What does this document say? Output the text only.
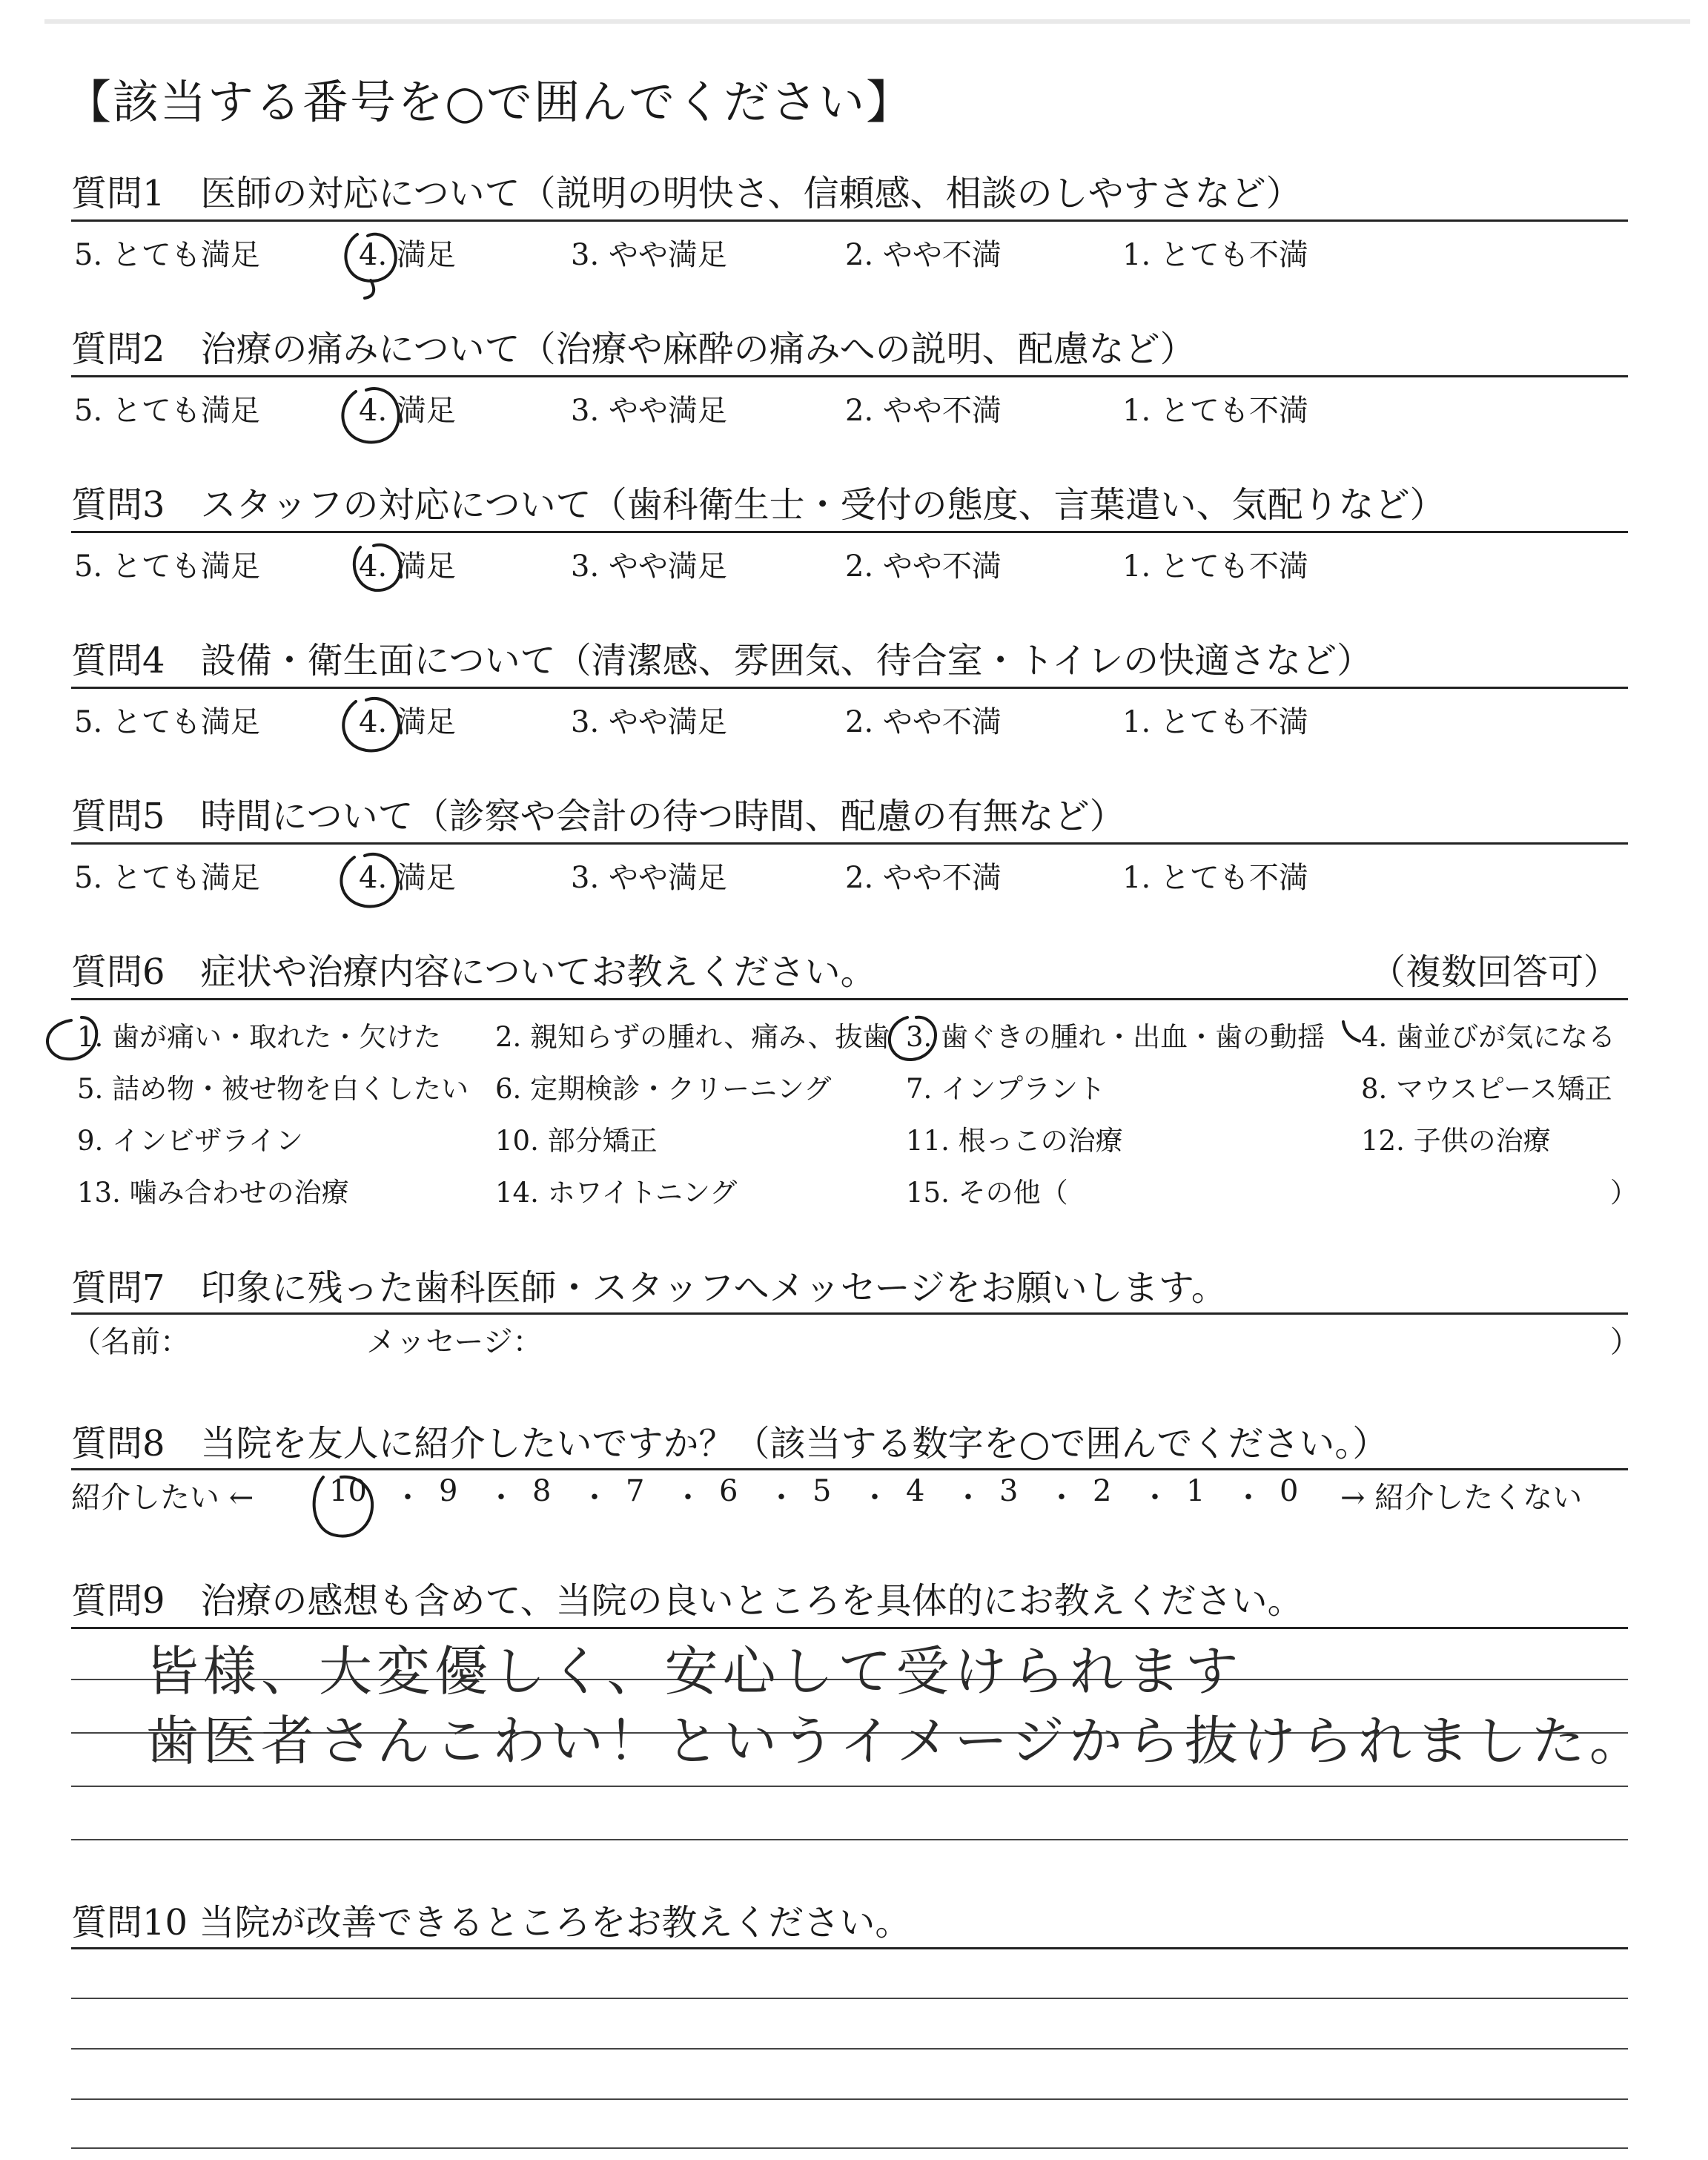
【該当する番号を○で囲んでください】
質問1　医師の対応について（説明の明快さ、信頼感、相談のしやすさなど）
5. とても満足	4. 満足	3. やや満足	2. やや不満	1. とても不満
質問2　治療の痛みについて（治療や麻酔の痛みへの説明、配慮など）
5. とても満足	4. 満足	3. やや満足	2. やや不満	1. とても不満
質問3　スタッフの対応について（歯科衛生士・受付の態度、言葉遣い、気配りなど）
5. とても満足	4. 満足	3. やや満足	2. やや不満	1. とても不満
質問4　設備・衛生面について（清潔感、雰囲気、待合室・トイレの快適さなど）
5. とても満足	4. 満足	3. やや満足	2. やや不満	1. とても不満
質問5　時間について（診察や会計の待つ時間、配慮の有無など）
5. とても満足	4. 満足	3. やや満足	2. やや不満	1. とても不満
質問6　症状や治療内容についてお教えください。	（複数回答可）
1. 歯が痛い・取れた・欠けた 2. 親知らずの腫れ、痛み、抜歯 3. 歯ぐきの腫れ・出血・歯の動揺 4. 歯並びが気になる
5. 詰め物・被せ物を白くしたい 6. 定期検診・クリーニング	7. インプラント	8. マウスピース矯正
9. インビザライン	10. 部分矯正	11. 根っこの治療	12. 子供の治療
13. 噛み合わせの治療	14. ホワイトニング	15. その他（	）
質問7　印象に残った歯科医師・スタッフへメッセージをお願いします。
（名前：	メッセージ：	）
質問8　当院を友人に紹介したいですか？（該当する数字を○で囲んでください。）
紹介したい ←	→ 紹介したくない
10 ・ 9 ・ 8 ・ 7 ・ 6 ・ 5 ・ 4 ・ 3 ・ 2 ・ 1 ・ 0
質問9　治療の感想も含めて、当院の良いところを具体的にお教えください。
皆様、大変優しく、安心して受けられます
歯医者さんこわい！というイメージから抜けられました。
質問10 当院が改善できるところをお教えください。
